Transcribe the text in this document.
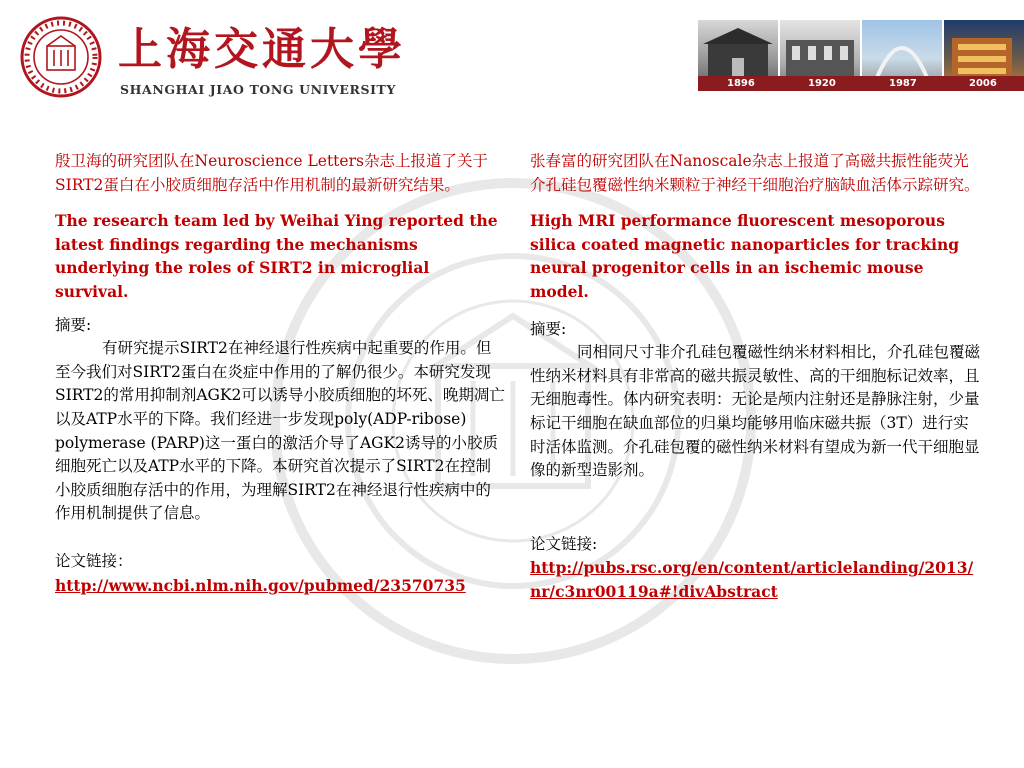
上海交通大學
SHANGHAI JIAO TONG UNIVERSITY	1896	1920	1987	2006

殷卫海的研究团队在Neuroscience Letters杂志上报道了关于SIRT2蛋白在小胶质细胞存活中作用机制的最新研究结果。

The research team led by Weihai Ying reported the latest findings regarding the mechanisms underlying the roles of SIRT2 in microglial survival.

摘要:

有研究提示SIRT2在神经退行性疾病中起重要的作用。但至今我们对SIRT2蛋白在炎症中作用的了解仍很少。本研究发现SIRT2的常用抑制剂AGK2可以诱导小胶质细胞的坏死、晚期凋亡以及ATP水平的下降。我们经进一步发现poly(ADP-ribose) polymerase (PARP)这一蛋白的激活介导了AGK2诱导的小胶质细胞死亡以及ATP水平的下降。本研究首次提示了SIRT2在控制小胶质细胞存活中的作用，为理解SIRT2在神经退行性疾病中的作用机制提供了信息。

论文链接：

http://www.ncbi.nlm.nih.gov/pubmed/23570735

张春富的研究团队在Nanoscale杂志上报道了高磁共振性能荧光介孔硅包覆磁性纳米颗粒于神经干细胞治疗脑缺血活体示踪研究。

High MRI performance fluorescent mesoporous silica coated magnetic nanoparticles for tracking neural progenitor cells in an ischemic mouse model.

摘要:

同相同尺寸非介孔硅包覆磁性纳米材料相比，介孔硅包覆磁性纳米材料具有非常高的磁共振灵敏性、高的干细胞标记效率，且无细胞毒性。体内研究表明：无论是颅内注射还是静脉注射，少量标记干细胞在缺血部位的归巢均能够用临床磁共振（3T）进行实时活体监测。介孔硅包覆的磁性纳米材料有望成为新一代干细胞显像的新型造影剂。

论文链接:

http://pubs.rsc.org/en/content/articlelanding/2013/nr/c3nr00119a#!divAbstract
